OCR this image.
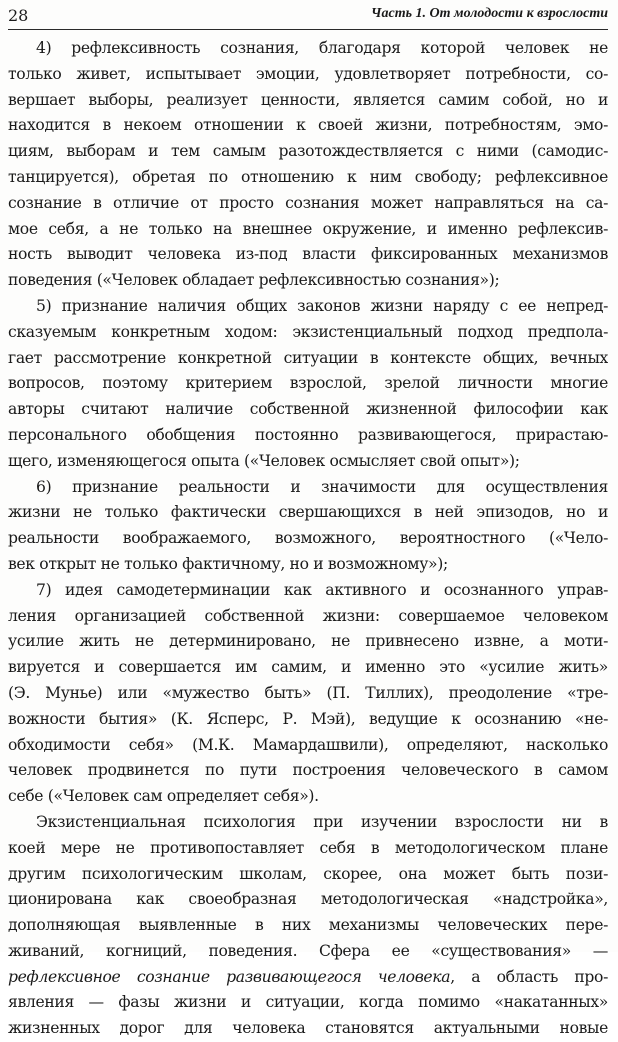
28	Часть 1. От молодости к взрослости
4) рефлексивность сознания, благодаря которой человек не
только живет, испытывает эмоции, удовлетворяет потребности, со-
вершает выборы, реализует ценности, является самим собой, но и
находится в некоем отношении к своей жизни, потребностям, эмо-
циям, выборам и тем самым разотождествляется с ними (самодис-
танцируется), обретая по отношению к ним свободу; рефлексивное
сознание в отличие от просто сознания может направляться на са-
мое себя, а не только на внешнее окружение, и именно рефлексив-
ность выводит человека из-под власти фиксированных механизмов
поведения («Человек обладает рефлексивностью сознания»);
5) признание наличия общих законов жизни наряду с ее непред-
сказуемым конкретным ходом: экзистенциальный подход предпола-
гает рассмотрение конкретной ситуации в контексте общих, вечных
вопросов, поэтому критерием взрослой, зрелой личности многие
авторы считают наличие собственной жизненной философии как
персонального обобщения постоянно развивающегося, прирастаю-
щего, изменяющегося опыта («Человек осмысляет свой опыт»);
6) признание реальности и значимости для осуществления
жизни не только фактически свершающихся в ней эпизодов, но и
реальности воображаемого, возможного, вероятностного («Чело-
век открыт не только фактичному, но и возможному»);
7) идея самодетерминации как активного и осознанного управ-
ления организацией собственной жизни: совершаемое человеком
усилие жить не детерминировано, не привнесено извне, а моти-
вируется и совершается им самим, и именно это «усилие жить»
(Э. Мунье) или «мужество быть» (П. Тиллих), преодоление «тре-
вожности бытия» (К. Ясперс, Р. Мэй), ведущие к осознанию «не-
обходимости себя» (М.К. Мамардашвили), определяют, насколько
человек продвинется по пути построения человеческого в самом
себе («Человек сам определяет себя»).
Экзистенциальная психология при изучении взрослости ни в
коей мере не противопоставляет себя в методологическом плане
другим психологическим школам, скорее, она может быть пози-
ционирована как своеобразная методологическая «надстройка»,
дополняющая выявленные в них механизмы человеческих пере-
живаний, когниций, поведения. Сфера ее «существования» —
рефлексивное сознание развивающегося человека, а область про-
явления — фазы жизни и ситуации, когда помимо «накатанных»
жизненных дорог для человека становятся актуальными новые
